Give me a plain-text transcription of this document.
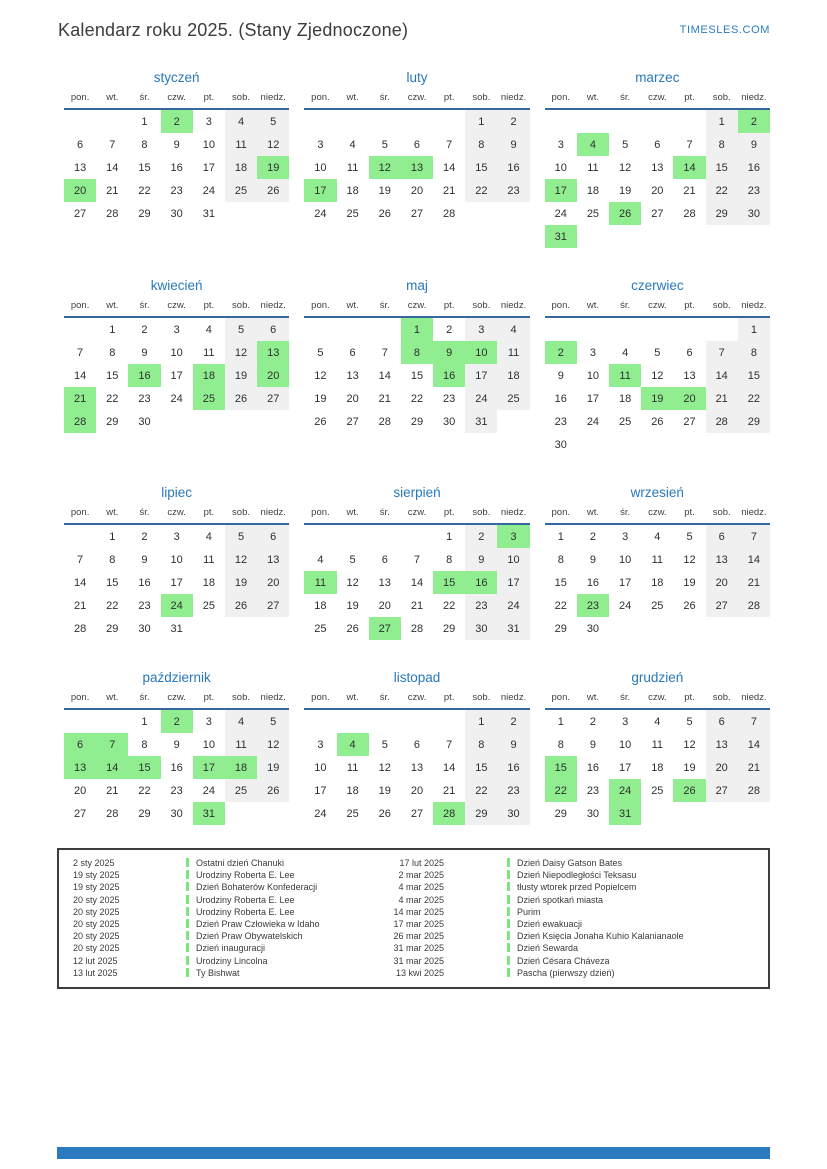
Kalendarz roku 2025. (Stany Zjednoczone)	TIMESLES.COM
styczeń
pon.	wt.	śr.	czw.	pt.	sob.	niedz.
		1	2	3	4	5
6	7	8	9	10	11	12
13	14	15	16	17	18	19
20	21	22	23	24	25	26
27	28	29	30	31		
luty
pon.	wt.	śr.	czw.	pt.	sob.	niedz.
					1	2
3	4	5	6	7	8	9
10	11	12	13	14	15	16
17	18	19	20	21	22	23
24	25	26	27	28		
marzec
pon.	wt.	śr.	czw.	pt.	sob.	niedz.
					1	2
3	4	5	6	7	8	9
10	11	12	13	14	15	16
17	18	19	20	21	22	23
24	25	26	27	28	29	30
31						
kwiecień
pon.	wt.	śr.	czw.	pt.	sob.	niedz.
	1	2	3	4	5	6
7	8	9	10	11	12	13
14	15	16	17	18	19	20
21	22	23	24	25	26	27
28	29	30				
maj
pon.	wt.	śr.	czw.	pt.	sob.	niedz.
			1	2	3	4
5	6	7	8	9	10	11
12	13	14	15	16	17	18
19	20	21	22	23	24	25
26	27	28	29	30	31	
czerwiec
pon.	wt.	śr.	czw.	pt.	sob.	niedz.
						1
2	3	4	5	6	7	8
9	10	11	12	13	14	15
16	17	18	19	20	21	22
23	24	25	26	27	28	29
30						
lipiec
pon.	wt.	śr.	czw.	pt.	sob.	niedz.
	1	2	3	4	5	6
7	8	9	10	11	12	13
14	15	16	17	18	19	20
21	22	23	24	25	26	27
28	29	30	31			
sierpień
pon.	wt.	śr.	czw.	pt.	sob.	niedz.
				1	2	3
4	5	6	7	8	9	10
11	12	13	14	15	16	17
18	19	20	21	22	23	24
25	26	27	28	29	30	31
wrzesień
pon.	wt.	śr.	czw.	pt.	sob.	niedz.
1	2	3	4	5	6	7
8	9	10	11	12	13	14
15	16	17	18	19	20	21
22	23	24	25	26	27	28
29	30					
październik
pon.	wt.	śr.	czw.	pt.	sob.	niedz.
		1	2	3	4	5
6	7	8	9	10	11	12
13	14	15	16	17	18	19
20	21	22	23	24	25	26
27	28	29	30	31		
listopad
pon.	wt.	śr.	czw.	pt.	sob.	niedz.
					1	2
3	4	5	6	7	8	9
10	11	12	13	14	15	16
17	18	19	20	21	22	23
24	25	26	27	28	29	30
grudzień
pon.	wt.	śr.	czw.	pt.	sob.	niedz.
1	2	3	4	5	6	7
8	9	10	11	12	13	14
15	16	17	18	19	20	21
22	23	24	25	26	27	28
29	30	31				
2 sty 2025	Ostatni dzień Chanuki	17 lut 2025	Dzień Daisy Gatson Bates
19 sty 2025	Urodziny Roberta E. Lee	2 mar 2025	Dzień Niepodległości Teksasu
19 sty 2025	Dzień Bohaterów Konfederacji	4 mar 2025	tłusty wtorek przed Popielcem
20 sty 2025	Urodziny Roberta E. Lee	4 mar 2025	Dzień spotkań miasta
20 sty 2025	Urodziny Roberta E. Lee	14 mar 2025	Purim
20 sty 2025	Dzień Praw Człowieka w Idaho	17 mar 2025	Dzień ewakuacji
20 sty 2025	Dzień Praw Obywatelskich	26 mar 2025	Dzień Księcia Jonaha Kuhio Kalanianaole
20 sty 2025	Dzień inauguracji	31 mar 2025	Dzień Sewarda
12 lut 2025	Urodziny Lincolna	31 mar 2025	Dzień Césara Cháveza
13 lut 2025	Ty Bishwat	13 kwi 2025	Pascha (pierwszy dzień)
